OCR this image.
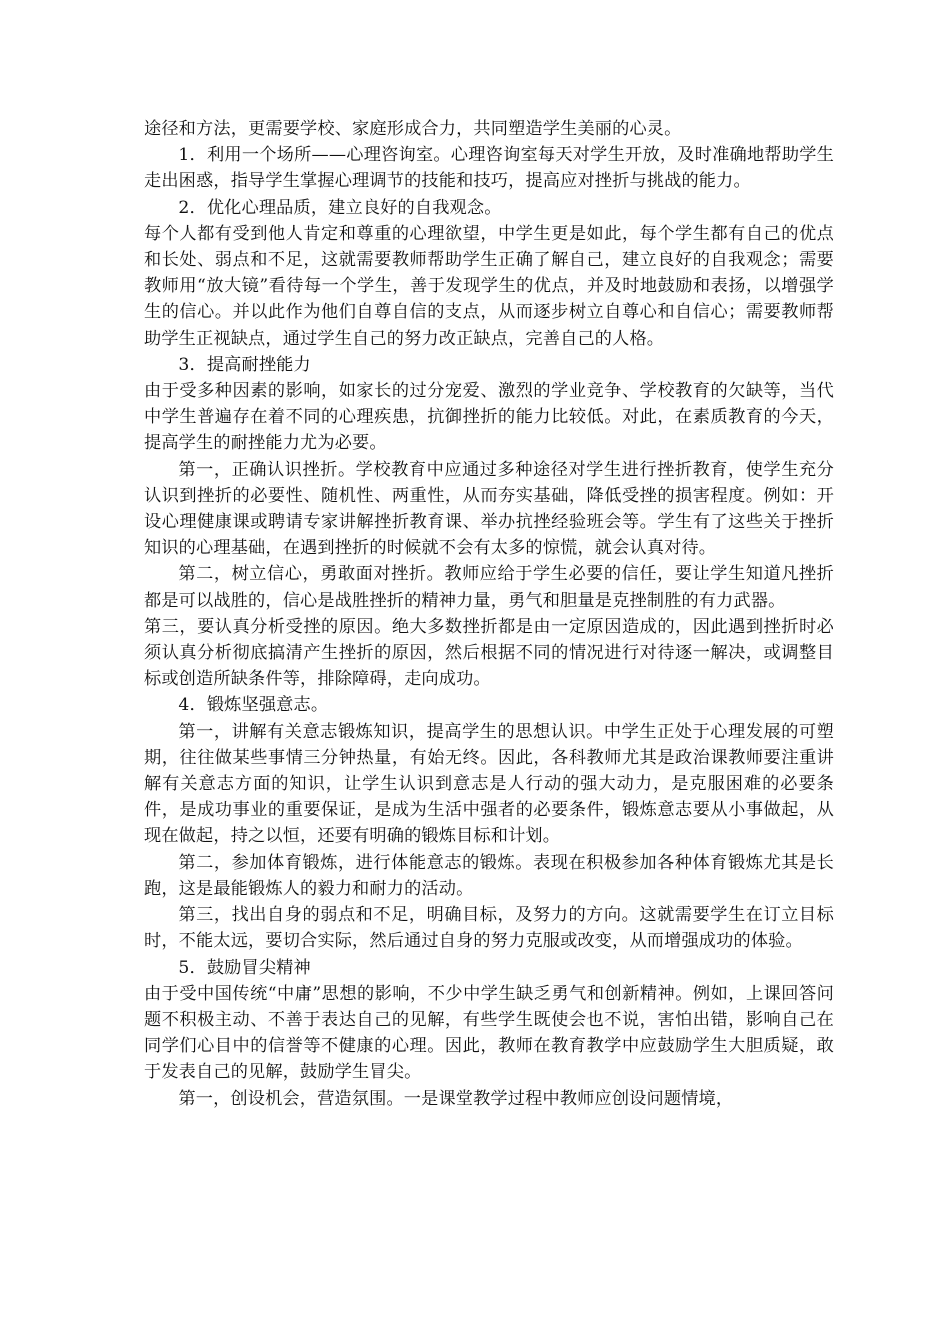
途径和方法，更需要学校、家庭形成合力，共同塑造学生美丽的心灵。

1．利用一个场所——心理咨询室。心理咨询室每天对学生开放，及时准确地帮助学生走出困惑，指导学生掌握心理调节的技能和技巧，提高应对挫折与挑战的能力。

2．优化心理品质，建立良好的自我观念。

每个人都有受到他人肯定和尊重的心理欲望，中学生更是如此，每个学生都有自己的优点和长处、弱点和不足，这就需要教师帮助学生正确了解自己，建立良好的自我观念；需要教师用“放大镜”看待每一个学生，善于发现学生的优点，并及时地鼓励和表扬，以增强学生的信心。并以此作为他们自尊自信的支点，从而逐步树立自尊心和自信心；需要教师帮助学生正视缺点，通过学生自己的努力改正缺点，完善自己的人格。

3．提高耐挫能力

由于受多种因素的影响，如家长的过分宠爱、激烈的学业竞争、学校教育的欠缺等，当代中学生普遍存在着不同的心理疾患，抗御挫折的能力比较低。对此，在素质教育的今天，提高学生的耐挫能力尤为必要。

第一，正确认识挫折。学校教育中应通过多种途径对学生进行挫折教育，使学生充分认识到挫折的必要性、随机性、两重性，从而夯实基础，降低受挫的损害程度。例如：开设心理健康课或聘请专家讲解挫折教育课、举办抗挫经验班会等。学生有了这些关于挫折知识的心理基础，在遇到挫折的时候就不会有太多的惊慌，就会认真对待。

第二，树立信心，勇敢面对挫折。教师应给于学生必要的信任，要让学生知道凡挫折都是可以战胜的，信心是战胜挫折的精神力量，勇气和胆量是克挫制胜的有力武器。

第三，要认真分析受挫的原因。绝大多数挫折都是由一定原因造成的，因此遇到挫折时必须认真分析彻底搞清产生挫折的原因，然后根据不同的情况进行对待逐一解决，或调整目标或创造所缺条件等，排除障碍，走向成功。

4．锻炼坚强意志。

第一，讲解有关意志锻炼知识，提高学生的思想认识。中学生正处于心理发展的可塑期，往往做某些事情三分钟热量，有始无终。因此，各科教师尤其是政治课教师要注重讲解有关意志方面的知识，让学生认识到意志是人行动的强大动力，是克服困难的必要条件，是成功事业的重要保证，是成为生活中强者的必要条件，锻炼意志要从小事做起，从现在做起，持之以恒，还要有明确的锻炼目标和计划。

第二，参加体育锻炼，进行体能意志的锻炼。表现在积极参加各种体育锻炼尤其是长跑，这是最能锻炼人的毅力和耐力的活动。

第三，找出自身的弱点和不足，明确目标，及努力的方向。这就需要学生在订立目标时，不能太远，要切合实际，然后通过自身的努力克服或改变，从而增强成功的体验。

5．鼓励冒尖精神

由于受中国传统“中庸”思想的影响，不少中学生缺乏勇气和创新精神。例如，上课回答问题不积极主动、不善于表达自己的见解，有些学生既使会也不说，害怕出错，影响自己在同学们心目中的信誉等不健康的心理。因此，教师在教育教学中应鼓励学生大胆质疑，敢于发表自己的见解，鼓励学生冒尖。

第一，创设机会，营造氛围。一是课堂教学过程中教师应创设问题情境，
